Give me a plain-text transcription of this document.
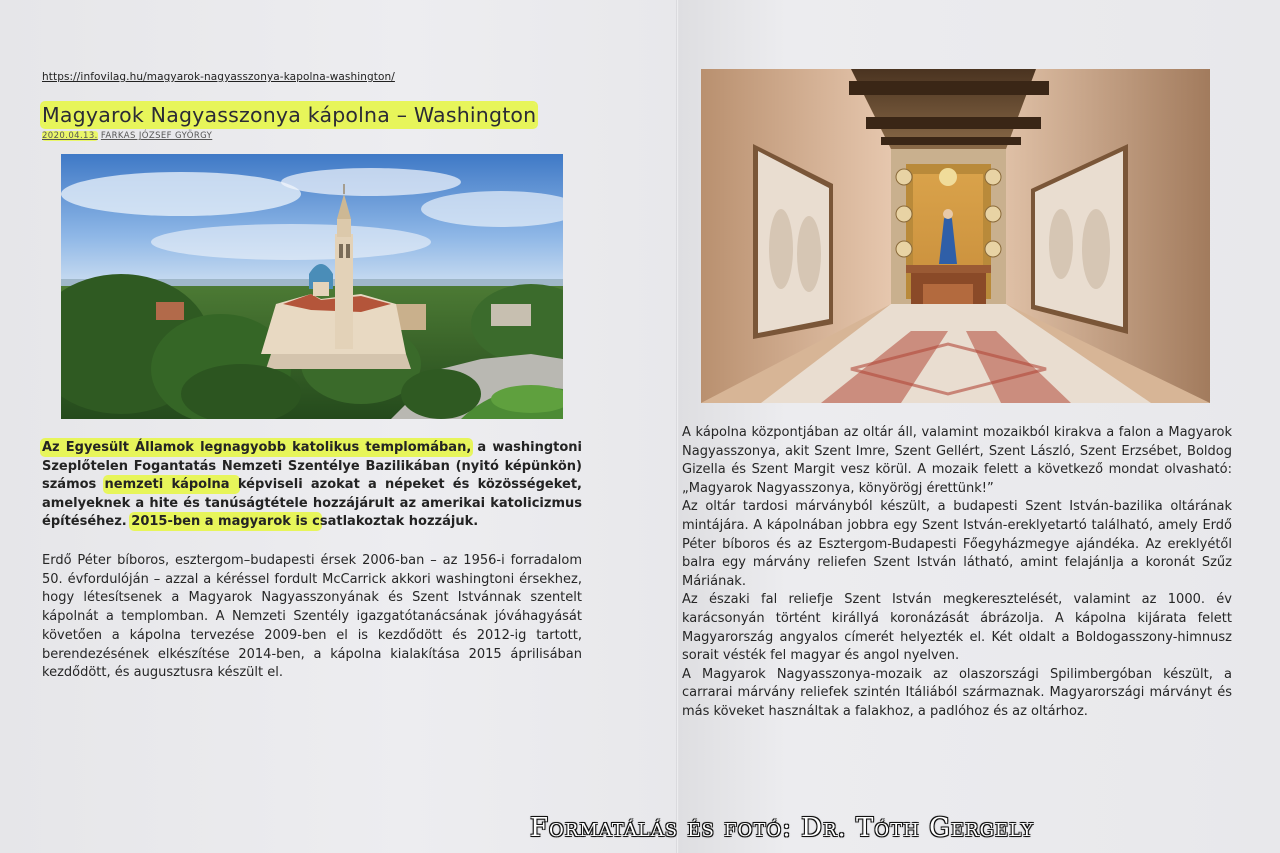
https://infovilag.hu/magyarok-nagyasszonya-kapolna-washington/
Magyarok Nagyasszonya kápolna – Washington
2020.04.13. FARKAS JÓZSEF GYÖRGY

Az Egyesült Államok legnagyobb katolikus templomában, a washingtoni Szeplőtelen Fogantatás Nemzeti Szentélye Bazilikában (nyitó képünkön) számos nemzeti kápolna képviseli azokat a népeket és közösségeket, amelyeknek a hite és tanúságtétele hozzájárult az amerikai katolicizmus építéséhez. 2015-ben a magyarok is csatlakoztak hozzájuk.

Erdő Péter bíboros, esztergom–budapesti érsek 2006-ban – az 1956-i forradalom 50. évfordulóján – azzal a kéréssel fordult McCarrick akkori washingtoni érsekhez, hogy létesítsenek a Magyarok Nagyasszonyának és Szent Istvánnak szentelt kápolnát a templomban. A Nemzeti Szentély igazgatótanácsának jóváhagyását követően a kápolna tervezése 2009-ben el is kezdődött és 2012-ig tartott, berendezésének elkészítése 2014-ben, a kápolna kialakítása 2015 áprilisában kezdődött, és augusztusra készült el.

A kápolna központjában az oltár áll, valamint mozaikból kirakva a falon a Magyarok Nagyasszonya, akit Szent Imre, Szent Gellért, Szent László, Szent Erzsébet, Boldog Gizella és Szent Margit vesz körül. A mozaik felett a következő mondat olvasható: „Magyarok Nagyasszonya, könyörögj érettünk!”

Az oltár tardosi márványból készült, a budapesti Szent István-bazilika oltárának mintájára. A kápolnában jobbra egy Szent István-ereklyetartó található, amely Erdő Péter bíboros és az Esztergom-Budapesti Főegyházmegye ajándéka. Az ereklyétől balra egy márvány reliefen Szent István látható, amint felajánlja a koronát Szűz Máriának.

Az északi fal reliefje Szent István megkeresztelését, valamint az 1000. év karácsonyán történt királlyá koronázását ábrázolja. A kápolna kijárata felett Magyarország angyalos címerét helyezték el. Két oldalt a Boldogasszony-himnusz sorait vésték fel magyar és angol nyelven.

A Magyarok Nagyasszonya-mozaik az olaszországi Spilimbergóban készült, a carrarai márvány reliefek szintén Itáliából származnak. Magyarországi márványt és más köveket használtak a falakhoz, a padlóhoz és az oltárhoz.

Formatálás és fotó: Dr. Tóth Gergely
